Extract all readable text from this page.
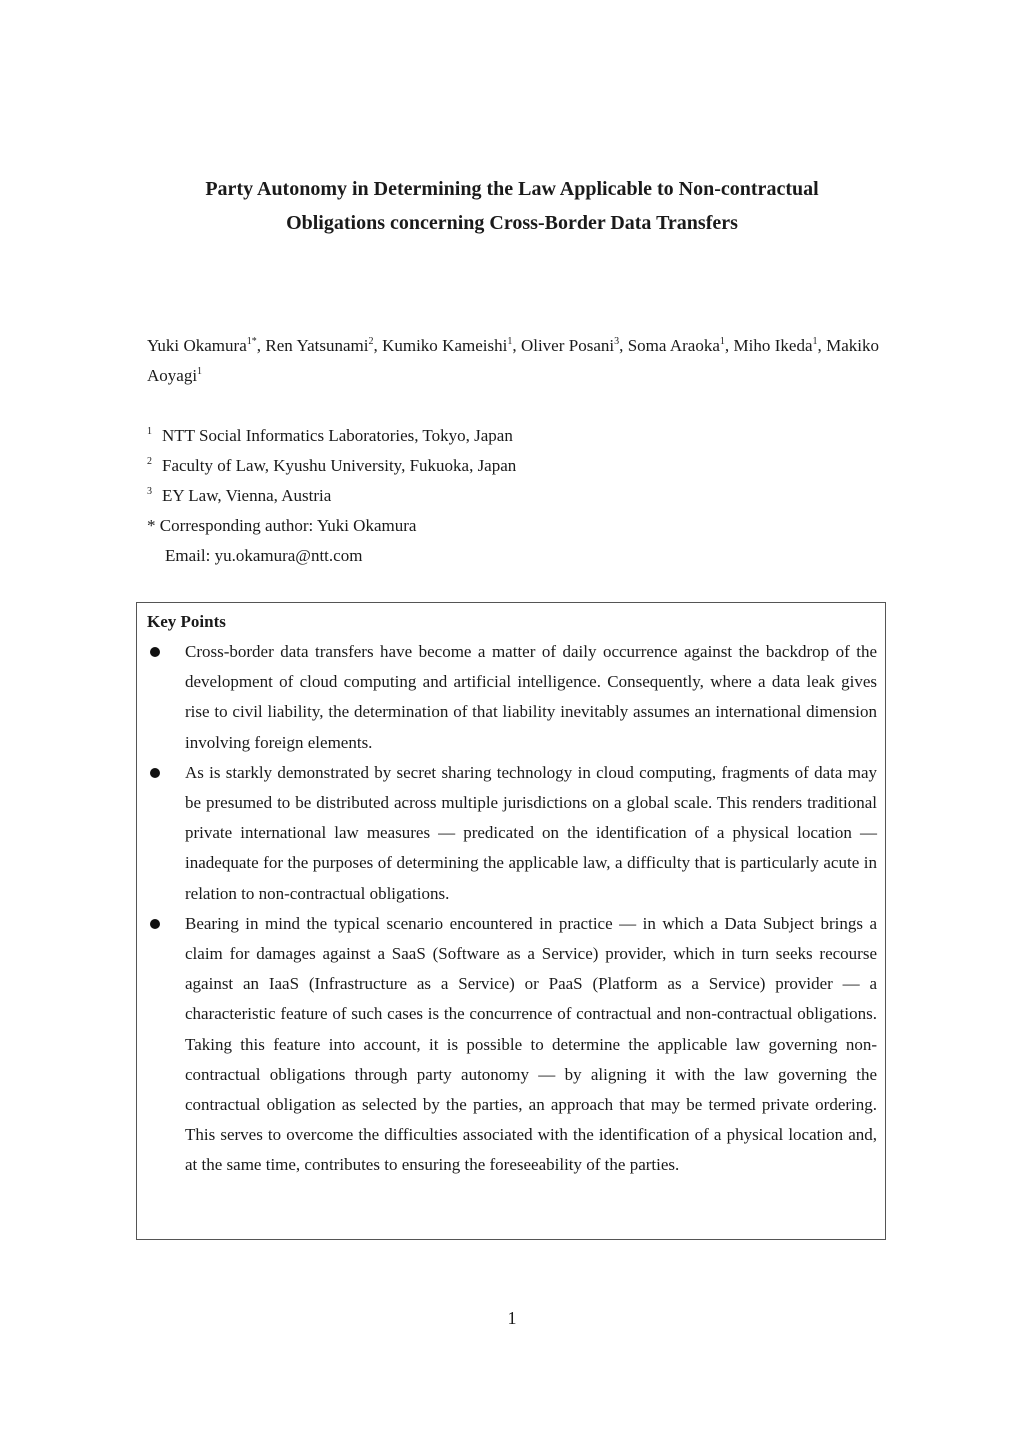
Party Autonomy in Determining the Law Applicable to Non-contractual
Obligations concerning Cross-Border Data Transfers
Yuki Okamura$^{1*}$, Ren Yatsunami$^2$, Kumiko Kameishi$^1$, Oliver Posani$^3$, Soma Araoka$^1$, Miho Ikeda$^1$, Makiko Aoyagi$^1$
$^1$ NTT Social Informatics Laboratories, Tokyo, Japan
$^2$ Faculty of Law, Kyushu University, Fukuoka, Japan
$^3$ EY Law, Vienna, Austria
* Corresponding author: Yuki Okamura
Email: yu.okamura@ntt.com
Key Points
Cross-border data transfers have become a matter of daily occurrence against the backdrop of the development of cloud computing and artificial intelligence. Consequently, where a data leak gives rise to civil liability, the determination of that liability inevitably assumes an international dimension involving foreign elements.
As is starkly demonstrated by secret sharing technology in cloud computing, fragments of data may be presumed to be distributed across multiple jurisdictions on a global scale. This renders traditional private international law measures — predicated on the identification of a physical location — inadequate for the purposes of determining the applicable law, a difficulty that is particularly acute in relation to non-contractual obligations.
Bearing in mind the typical scenario encountered in practice — in which a Data Subject brings a claim for damages against a SaaS (Software as a Service) provider, which in turn seeks recourse against an IaaS (Infrastructure as a Service) or PaaS (Platform as a Service) provider — a characteristic feature of such cases is the concurrence of contractual and non-contractual obligations. Taking this feature into account, it is possible to determine the applicable law governing non-contractual obligations through party autonomy — by aligning it with the law governing the contractual obligation as selected by the parties, an approach that may be termed private ordering. This serves to overcome the difficulties associated with the identification of a physical location and, at the same time, contributes to ensuring the foreseeability of the parties.
1
